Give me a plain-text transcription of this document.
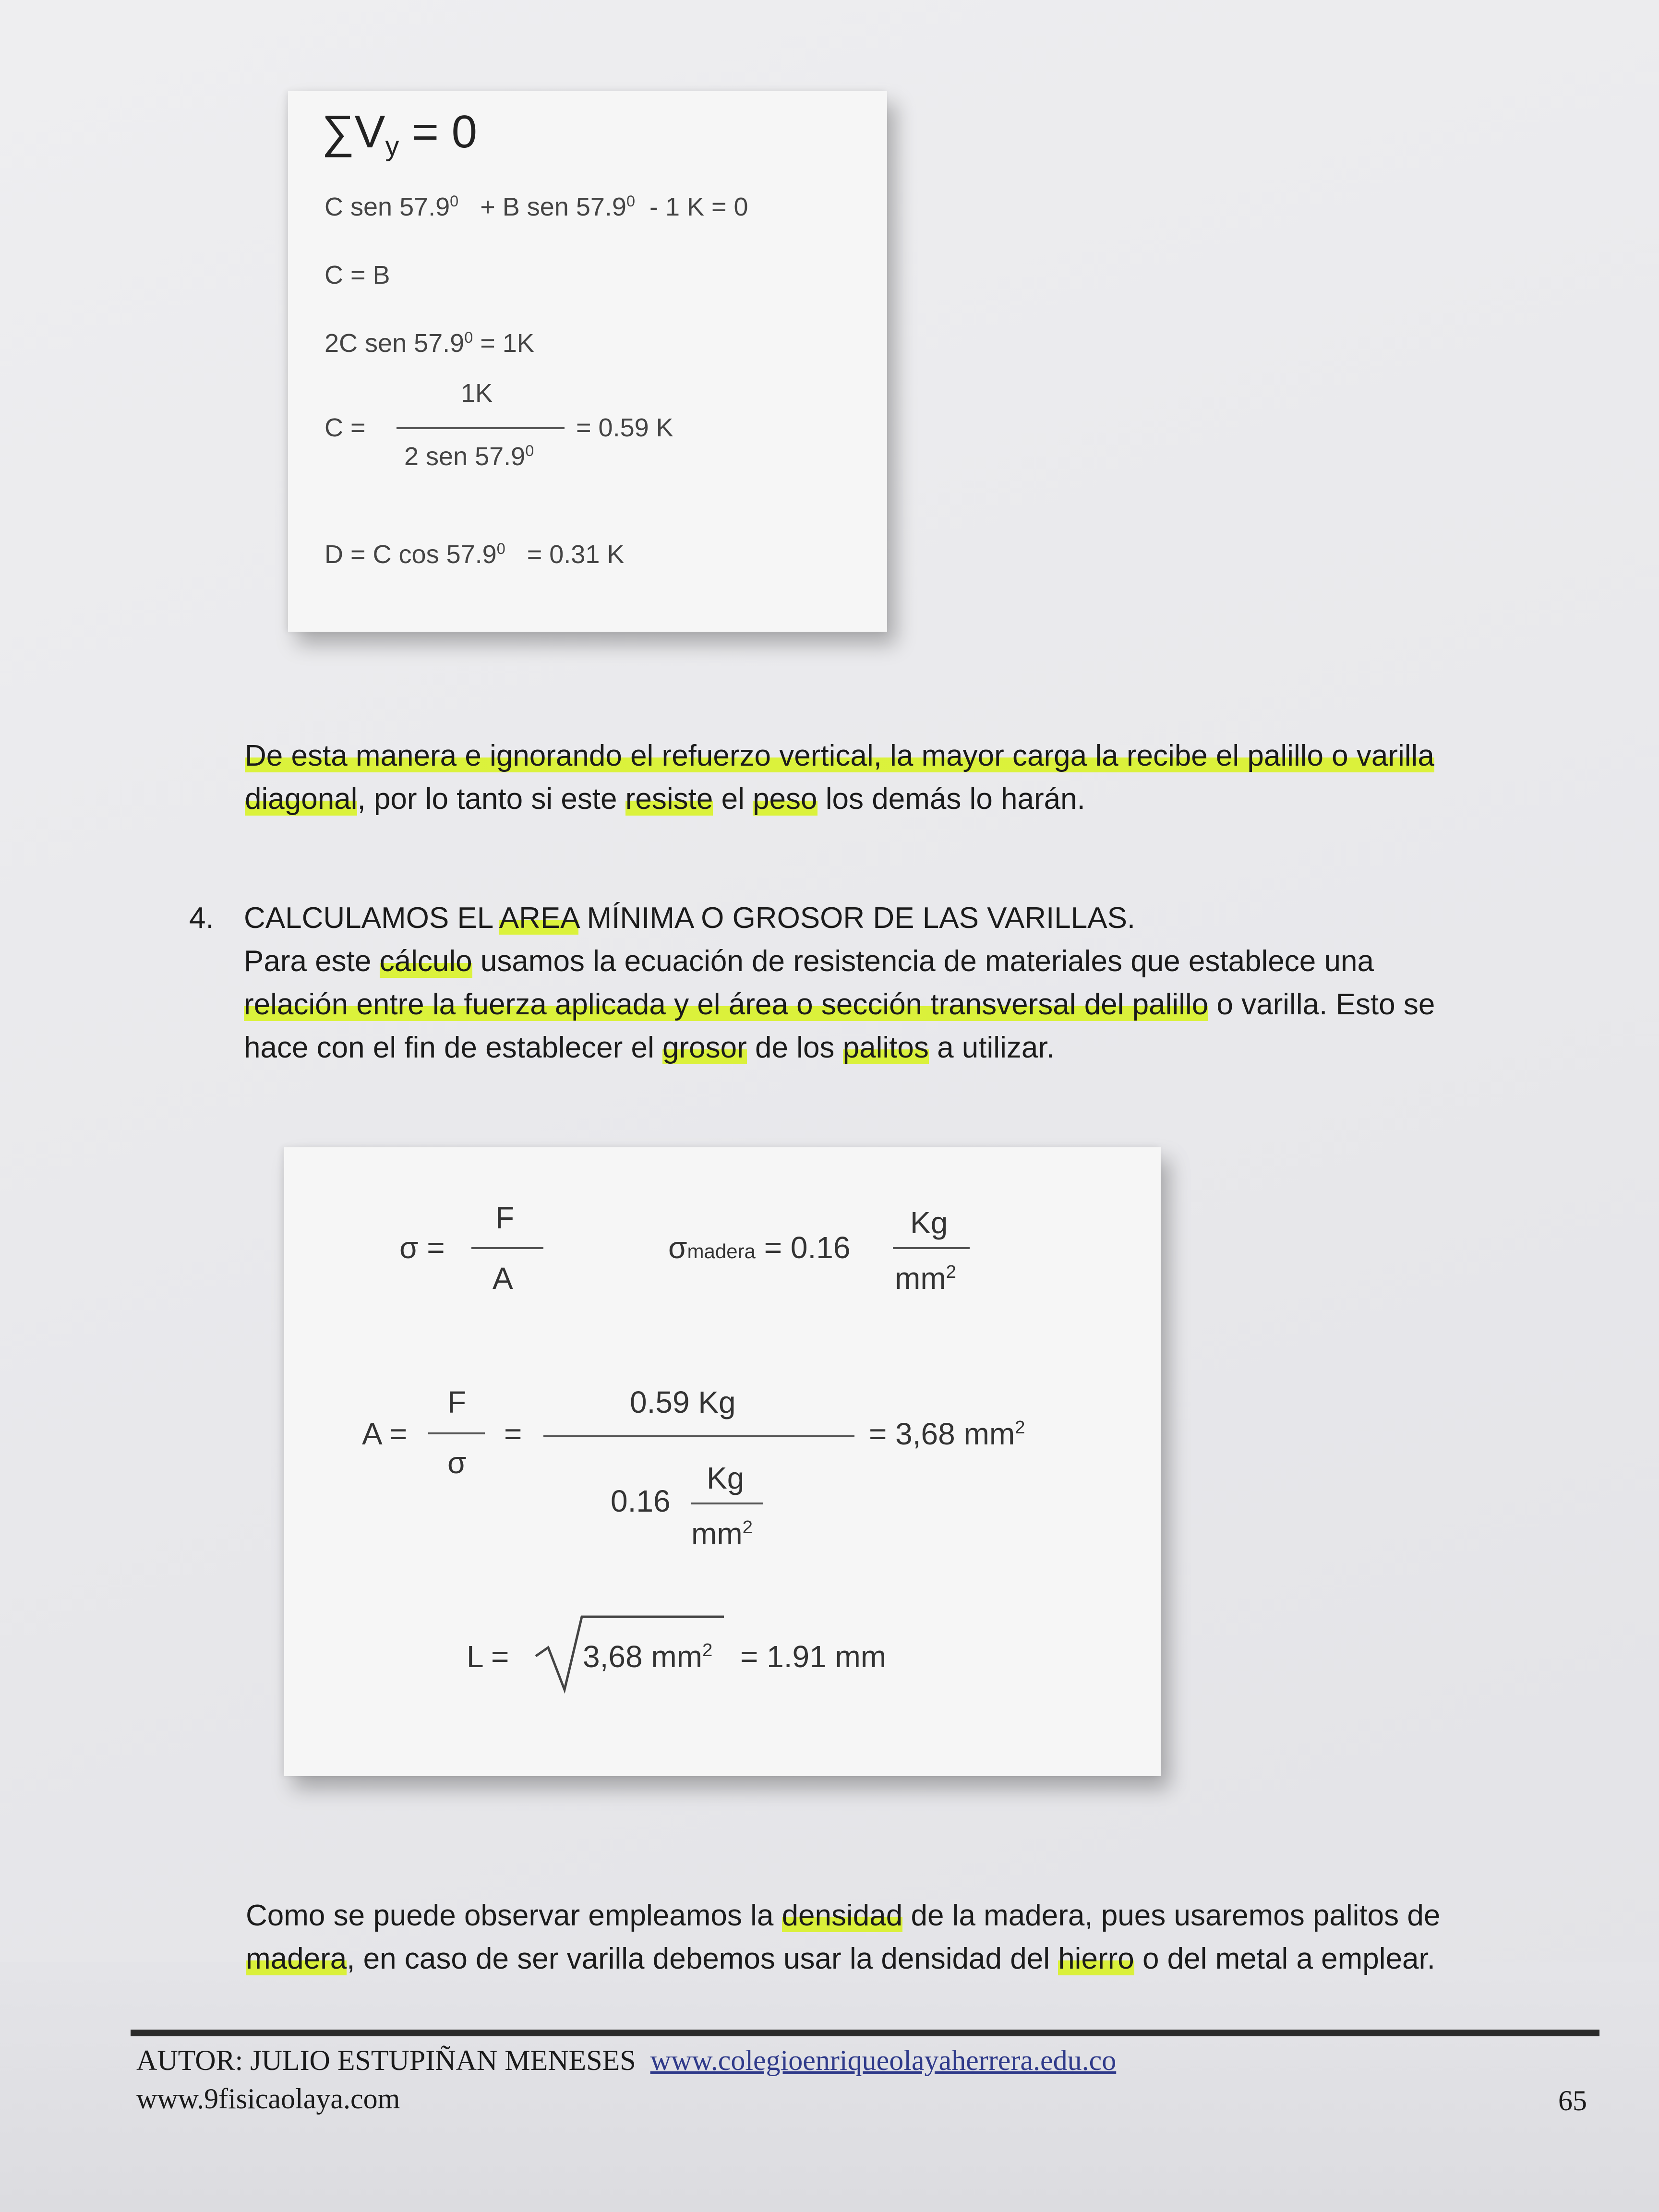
∑Vy = 0
C sen $57.9^0 + B$ sen 57.9$^0$ - 1 K = 0
C = B
2C sen $57.9^0 = 1K$
C =
1K
2 sen $57.9^0$
= 0.59 K
D = C $\cos 57.9^0 = 0.31$ K
De esta manera e ignorando el refuerzo vertical, la mayor carga la recibe el palillo o varilla
diagonal, por lo tanto si este resiste el peso los demás lo harán.
4. CALCULAMOS EL AREA MÍNIMA O GROSOR DE LAS VARILLAS.
Para este cálculo usamos la ecuación de resistencia de materiales que establece una
relación entre la fuerza aplicada y el área o sección transversal del palillo o varilla. Esto se
hace con el fin de establecer el grosor de los palitos a utilizar.
σ =
F
A
σmadera = 0.16
Kg
$mm^2$
A =
F
σ
=
0.59 Kg
0.16
Kg
$mm^2$
= 3,68 $mm^2$
L = 3,68 $mm^2 = 1.91$ mm
Como se puede observar empleamos la densidad de la madera, pues usaremos palitos de
madera, en caso de ser varilla debemos usar la densidad del hierro o del metal a emplear.
AUTOR: JULIO ESTUPIÑAN MENESES www.colegioenriqueolayaherrera.edu.co
www.9fisicaolaya.com	65
